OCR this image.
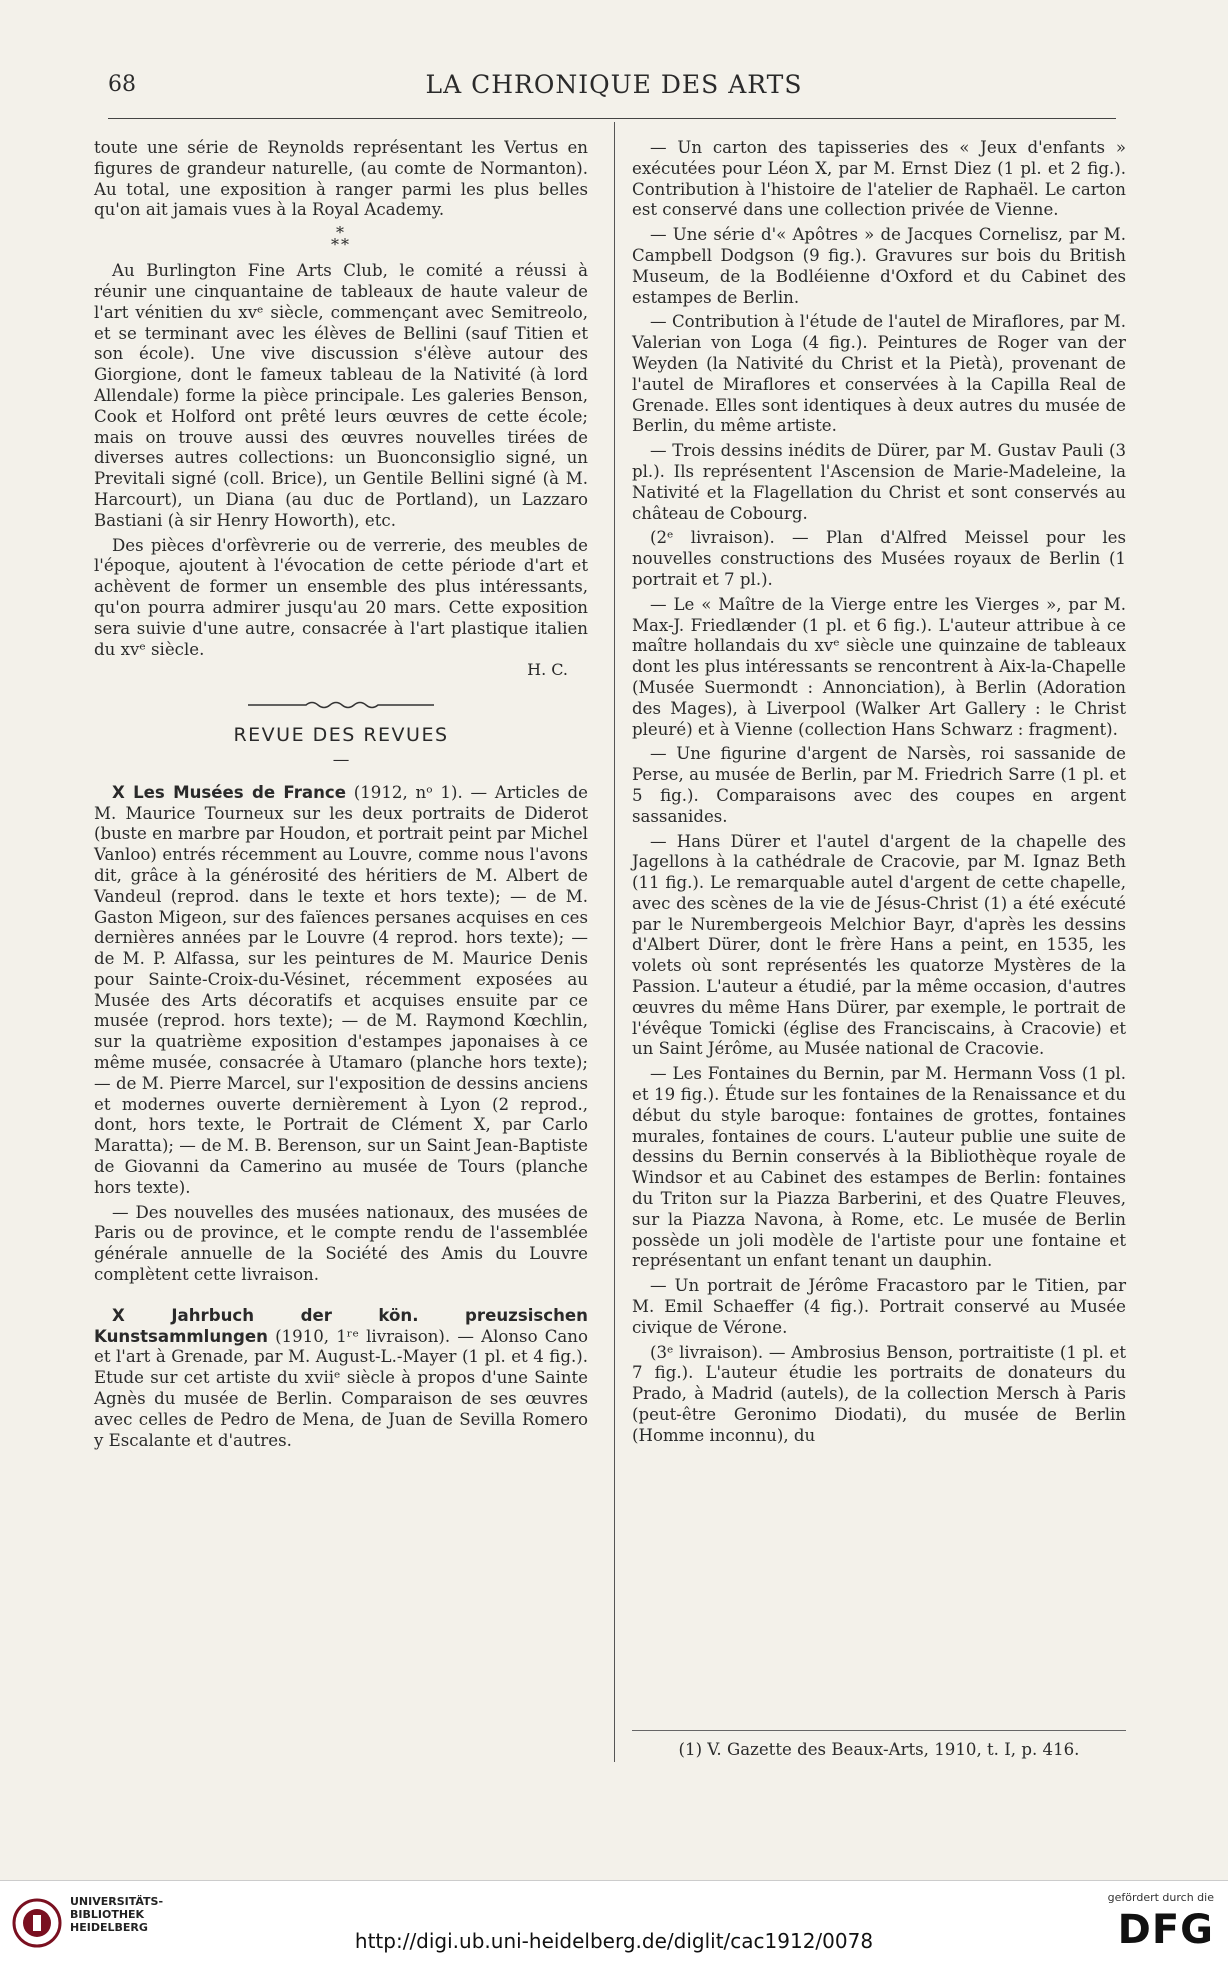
68	LA CHRONIQUE DES ARTS

toute une série de Reynolds représentant les Vertus en figures de grandeur naturelle, (au comte de Normanton). Au total, une exposition à ranger parmi les plus belles qu'on ait jamais vues à la Royal Academy.

*
**

Au Burlington Fine Arts Club, le comité a réussi à réunir une cinquantaine de tableaux de haute valeur de l'art vénitien du xvᵉ siècle, commençant avec Semitreolo, et se terminant avec les élèves de Bellini (sauf Titien et son école). Une vive discussion s'élève autour des Giorgione, dont le fameux tableau de la Nativité (à lord Allendale) forme la pièce principale. Les galeries Benson, Cook et Holford ont prêté leurs œuvres de cette école; mais on trouve aussi des œuvres nouvelles tirées de diverses autres collections: un Buonconsiglio signé, un Previtali signé (coll. Brice), un Gentile Bellini signé (à M. Harcourt), un Diana (au duc de Portland), un Lazzaro Bastiani (à sir Henry Howorth), etc.

Des pièces d'orfèvrerie ou de verrerie, des meubles de l'époque, ajoutent à l'évocation de cette période d'art et achèvent de former un ensemble des plus intéressants, qu'on pourra admirer jusqu'au 20 mars. Cette exposition sera suivie d'une autre, consacrée à l'art plastique italien du xvᵉ siècle.

H. C.
REVUE DES REVUES
—

X Les Musées de France (1912, nᵒ 1). — Articles de M. Maurice Tourneux sur les deux portraits de Diderot (buste en marbre par Houdon, et portrait peint par Michel Vanloo) entrés récemment au Louvre, comme nous l'avons dit, grâce à la générosité des héritiers de M. Albert de Vandeul (reprod. dans le texte et hors texte); — de M. Gaston Migeon, sur des faïences persanes acquises en ces dernières années par le Louvre (4 reprod. hors texte); — de M. P. Alfassa, sur les peintures de M. Maurice Denis pour Sainte-Croix-du-Vésinet, récemment exposées au Musée des Arts décoratifs et acquises ensuite par ce musée (reprod. hors texte); — de M. Raymond Kœchlin, sur la quatrième exposition d'estampes japonaises à ce même musée, consacrée à Utamaro (planche hors texte); — de M. Pierre Marcel, sur l'exposition de dessins anciens et modernes ouverte dernièrement à Lyon (2 reprod., dont, hors texte, le Portrait de Clément X, par Carlo Maratta); — de M. B. Berenson, sur un Saint Jean-Baptiste de Giovanni da Camerino au musée de Tours (planche hors texte).

— Des nouvelles des musées nationaux, des musées de Paris ou de province, et le compte rendu de l'assemblée générale annuelle de la Société des Amis du Louvre complètent cette livraison.

X Jahrbuch der kön. preuzsischen Kunstsammlungen (1910, 1ʳᵉ livraison). — Alonso Cano et l'art à Grenade, par M. August-L.-Mayer (1 pl. et 4 fig.). Etude sur cet artiste du xviiᵉ siècle à propos d'une Sainte Agnès du musée de Berlin. Comparaison de ses œuvres avec celles de Pedro de Mena, de Juan de Sevilla Romero y Escalante et d'autres.

— Un carton des tapisseries des « Jeux d'enfants » exécutées pour Léon X, par M. Ernst Diez (1 pl. et 2 fig.). Contribution à l'histoire de l'atelier de Raphaël. Le carton est conservé dans une collection privée de Vienne.

— Une série d'« Apôtres » de Jacques Cornelisz, par M. Campbell Dodgson (9 fig.). Gravures sur bois du British Museum, de la Bodléienne d'Oxford et du Cabinet des estampes de Berlin.

— Contribution à l'étude de l'autel de Miraflores, par M. Valerian von Loga (4 fig.). Peintures de Roger van der Weyden (la Nativité du Christ et la Pietà), provenant de l'autel de Miraflores et conservées à la Capilla Real de Grenade. Elles sont identiques à deux autres du musée de Berlin, du même artiste.

— Trois dessins inédits de Dürer, par M. Gustav Pauli (3 pl.). Ils représentent l'Ascension de Marie-Madeleine, la Nativité et la Flagellation du Christ et sont conservés au château de Cobourg.

(2ᵉ livraison). — Plan d'Alfred Meissel pour les nouvelles constructions des Musées royaux de Berlin (1 portrait et 7 pl.).

— Le « Maître de la Vierge entre les Vierges », par M. Max-J. Friedlænder (1 pl. et 6 fig.). L'auteur attribue à ce maître hollandais du xvᵉ siècle une quinzaine de tableaux dont les plus intéressants se rencontrent à Aix-la-Chapelle (Musée Suermondt : Annonciation), à Berlin (Adoration des Mages), à Liverpool (Walker Art Gallery : le Christ pleuré) et à Vienne (collection Hans Schwarz : fragment).

— Une figurine d'argent de Narsès, roi sassanide de Perse, au musée de Berlin, par M. Friedrich Sarre (1 pl. et 5 fig.). Comparaisons avec des coupes en argent sassanides.

— Hans Dürer et l'autel d'argent de la chapelle des Jagellons à la cathédrale de Cracovie, par M. Ignaz Beth (11 fig.). Le remarquable autel d'argent de cette chapelle, avec des scènes de la vie de Jésus-Christ (1) a été exécuté par le Nurembergeois Melchior Bayr, d'après les dessins d'Albert Dürer, dont le frère Hans a peint, en 1535, les volets où sont représentés les quatorze Mystères de la Passion. L'auteur a étudié, par la même occasion, d'autres œuvres du même Hans Dürer, par exemple, le portrait de l'évêque Tomicki (église des Franciscains, à Cracovie) et un Saint Jérôme, au Musée national de Cracovie.

— Les Fontaines du Bernin, par M. Hermann Voss (1 pl. et 19 fig.). Étude sur les fontaines de la Renaissance et du début du style baroque: fontaines de grottes, fontaines murales, fontaines de cours. L'auteur publie une suite de dessins du Bernin conservés à la Bibliothèque royale de Windsor et au Cabinet des estampes de Berlin: fontaines du Triton sur la Piazza Barberini, et des Quatre Fleuves, sur la Piazza Navona, à Rome, etc. Le musée de Berlin possède un joli modèle de l'artiste pour une fontaine et représentant un enfant tenant un dauphin.

— Un portrait de Jérôme Fracastoro par le Titien, par M. Emil Schaeffer (4 fig.). Portrait conservé au Musée civique de Vérone.

(3ᵉ livraison). — Ambrosius Benson, portraitiste (1 pl. et 7 fig.). L'auteur étudie les portraits de donateurs du Prado, à Madrid (autels), de la collection Mersch à Paris (peut-être Geronimo Diodati), du musée de Berlin (Homme inconnu), du

(1) V. Gazette des Beaux-Arts, 1910, t. I, p. 416.
UNIVERSITÄTS-
BIBLIOTHEK
HEIDELBERG
http://digi.ub.uni-heidelberg.de/diglit/cac1912/0078
gefördert durch die
DFG
